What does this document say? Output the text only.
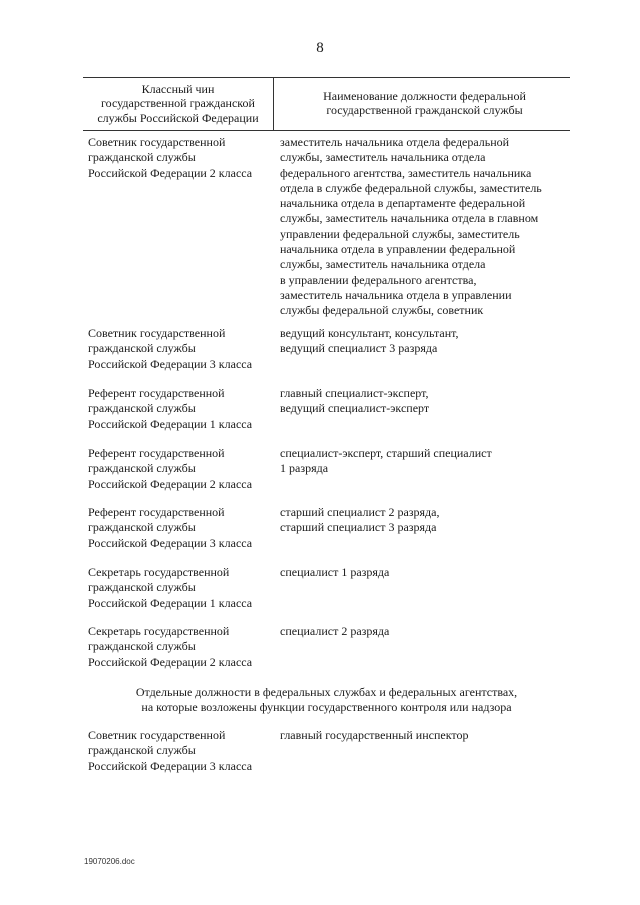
8
Классный чин
государственной гражданской
службы Российской Федерации
Наименование должности федеральной
государственной гражданской службы
Советник государственной
гражданской службы
Российской Федерации 2 класса
заместитель начальника отдела федеральной
службы, заместитель начальника отдела
федерального агентства, заместитель начальника
отдела в службе федеральной службы, заместитель
начальника отдела в департаменте федеральной
службы, заместитель начальника отдела в главном
управлении федеральной службы, заместитель
начальника отдела в управлении федеральной
службы, заместитель начальника отдела
в управлении федерального агентства,
заместитель начальника отдела в управлении
службы федеральной службы, советник
Советник государственной
гражданской службы
Российской Федерации 3 класса
ведущий консультант, консультант,
ведущий специалист 3 разряда
Референт государственной
гражданской службы
Российской Федерации 1 класса
главный специалист-эксперт,
ведущий специалист-эксперт
Референт государственной
гражданской службы
Российской Федерации 2 класса
специалист-эксперт, старший специалист
1 разряда
Референт государственной
гражданской службы
Российской Федерации 3 класса
старший специалист 2 разряда,
старший специалист 3 разряда
Секретарь государственной
гражданской службы
Российской Федерации 1 класса
специалист 1 разряда
Секретарь государственной
гражданской службы
Российской Федерации 2 класса
специалист 2 разряда
Отдельные должности в федеральных службах и федеральных агентствах,
на которые возложены функции государственного контроля или надзора
Советник государственной
гражданской службы
Российской Федерации 3 класса
главный государственный инспектор
19070206.doc
